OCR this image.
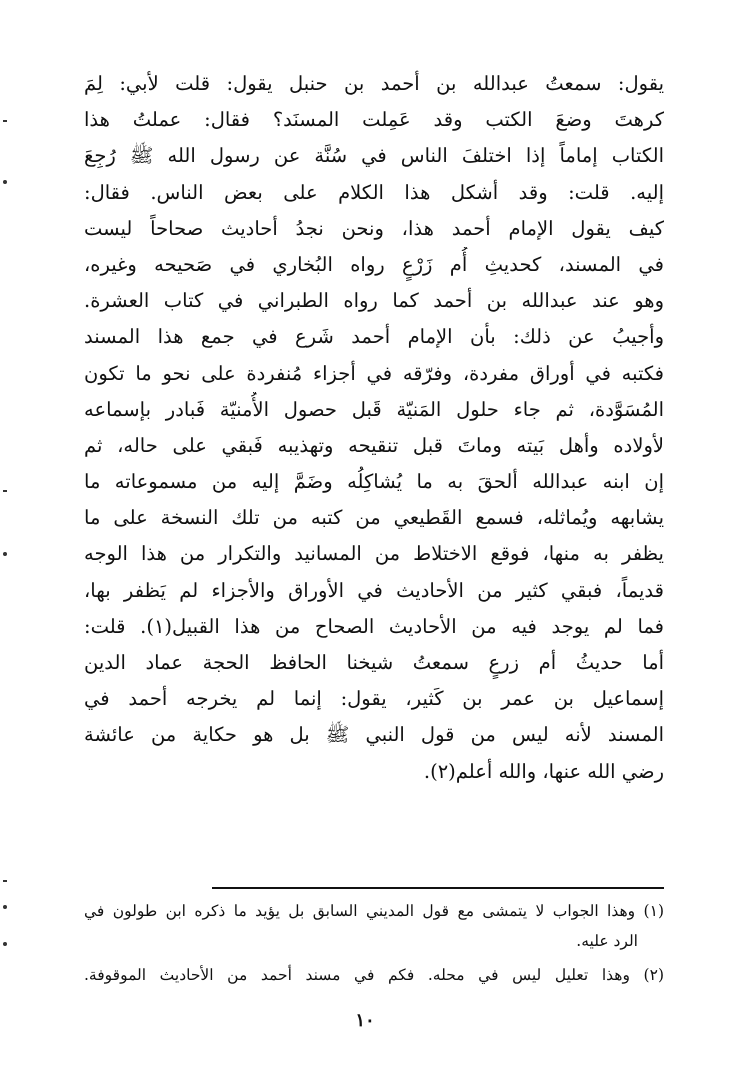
يقول: سمعتُ عبدالله بن أحمد بن حنبل يقول: قلت لأبي: لِمَ
كرهتَ وضعَ الكتب وقد عَمِلت المسنَد؟ فقال: عملتُ هذا
الكتاب إماماً إذا اختلفَ الناس في سُنَّة عن رسول الله ﷺ رُجِعَ
إليه. قلت: وقد أشكل هذا الكلام على بعض الناس. فقال:
كيف يقول الإمام أحمد هذا، ونحن نجدُ أحاديث صحاحاً ليست
في المسند، كحديثِ أُم زَرْعٍ رواه البُخاري في صَحيحه وغيره،
وهو عند عبدالله بن أحمد كما رواه الطبراني في كتاب العشرة.
وأجيبُ عن ذلك: بأن الإمام أحمد شَرع في جمع هذا المسند
فكتبه في أوراق مفردة، وفرّقه في أجزاء مُنفردة على نحو ما تكون
المُسَوَّدة، ثم جاء حلول المَنيّة قَبل حصول الأُمنيّة فَبادر بإسماعه
لأولاده وأهل بَيته وماتَ قبل تنقيحه وتهذيبه فَبقي على حاله، ثم
إن ابنه عبدالله ألحقَ به ما يُشاكِلُه وضَمَّ إليه من مسموعاته ما
يشابهه ويُماثله، فسمع القَطيعي من كتبه من تلك النسخة على ما
يظفر به منها، فوقع الاختلاط من المسانيد والتكرار من هذا الوجه
قديماً، فبقي كثير من الأحاديث في الأوراق والأجزاء لم يَظفر بها،
فما لم يوجد فيه من الأحاديث الصحاح من هذا القبيل(١). قلت:
أما حديثُ أم زرعٍ سمعتُ شيخنا الحافظ الحجة عماد الدين
إسماعيل بن عمر بن كَثير، يقول: إنما لم يخرجه أحمد في
المسند لأنه ليس من قول النبي ﷺ بل هو حكاية من عائشة
رضي الله عنها، والله أعلم(٢).
(١) وهذا الجواب لا يتمشى مع قول المديني السابق بل يؤيد ما ذكره ابن طولون في
الرد عليه.
(٢) وهذا تعليل ليس في محله. فكم في مسند أحمد من الأحاديث الموقوفة.
١٠
